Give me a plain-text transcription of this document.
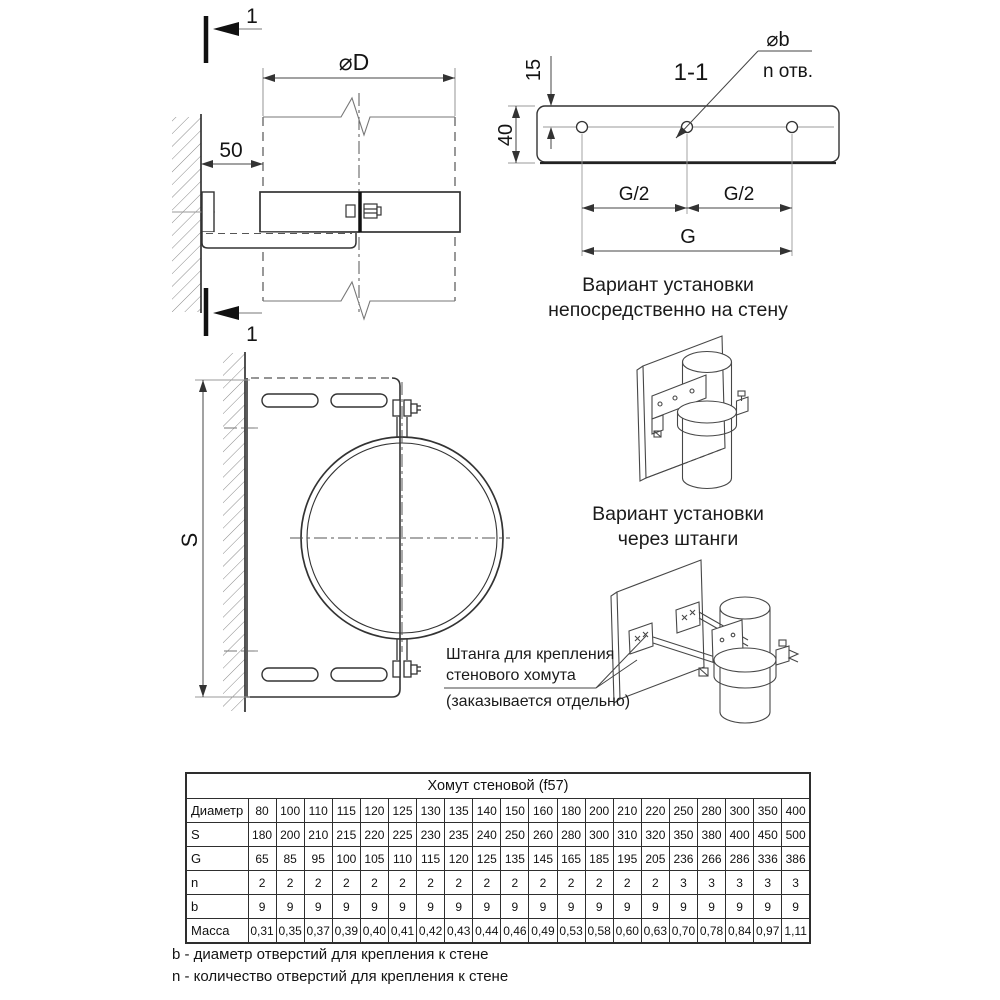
⌀D
50
1
1
1-1
⌀b
n отв.
15
40
G/2	G/2
G
S
Вариант установки
непосредственно на стену
Вариант установки
через штанги
Штанга для крепления
стенового хомута
(заказывается отдельно)
Хомут стеновой (f57)																				
Диаметр	80	100	110	115	120	125	130	135	140	150	160	180	200	210	220	250	280	300	350	400
S	180	200	210	215	220	225	230	235	240	250	260	280	300	310	320	350	380	400	450	500
G	65	85	95	100	105	110	115	120	125	135	145	165	185	195	205	236	266	286	336	386
n	2	2	2	2	2	2	2	2	2	2	2	2	2	2	2	3	3	3	3	3
b	9	9	9	9	9	9	9	9	9	9	9	9	9	9	9	9	9	9	9	9
Масса	0,31	0,35	0,37	0,39	0,40	0,41	0,42	0,43	0,44	0,46	0,49	0,53	0,58	0,60	0,63	0,70	0,78	0,84	0,97	1,11
b - диаметр отверстий для крепления к стене
n - количество отверстий для крепления к стене
